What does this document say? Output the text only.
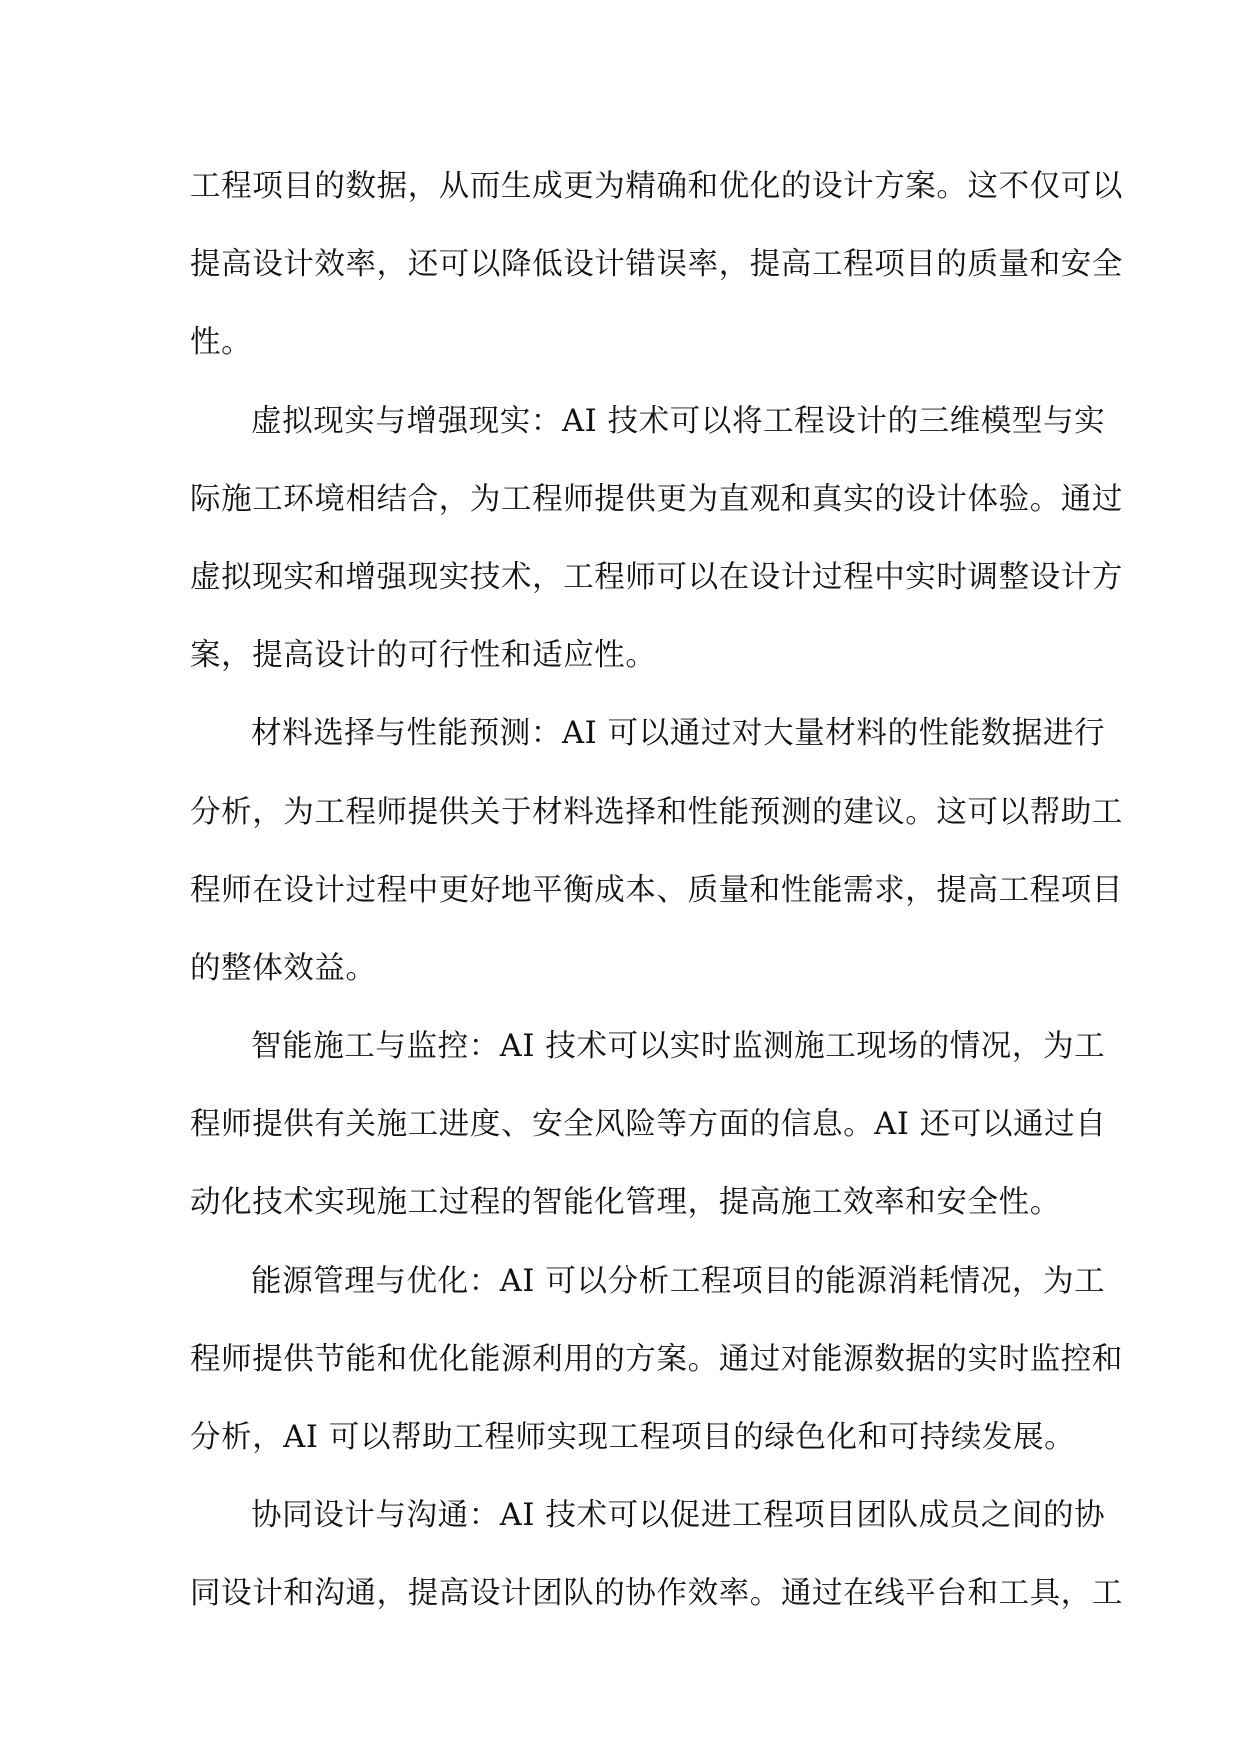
工程项目的数据，从而生成更为精确和优化的设计方案。这不仅可以
提高设计效率，还可以降低设计错误率，提高工程项目的质量和安全
性。

虚拟现实与增强现实：AI 技术可以将工程设计的三维模型与实
际施工环境相结合，为工程师提供更为直观和真实的设计体验。通过
虚拟现实和增强现实技术，工程师可以在设计过程中实时调整设计方
案，提高设计的可行性和适应性。

材料选择与性能预测：AI 可以通过对大量材料的性能数据进行
分析，为工程师提供关于材料选择和性能预测的建议。这可以帮助工
程师在设计过程中更好地平衡成本、质量和性能需求，提高工程项目
的整体效益。

智能施工与监控：AI 技术可以实时监测施工现场的情况，为工
程师提供有关施工进度、安全风险等方面的信息。AI 还可以通过自
动化技术实现施工过程的智能化管理，提高施工效率和安全性。

能源管理与优化：AI 可以分析工程项目的能源消耗情况，为工
程师提供节能和优化能源利用的方案。通过对能源数据的实时监控和
分析，AI 可以帮助工程师实现工程项目的绿色化和可持续发展。

协同设计与沟通：AI 技术可以促进工程项目团队成员之间的协
同设计和沟通，提高设计团队的协作效率。通过在线平台和工具，工
